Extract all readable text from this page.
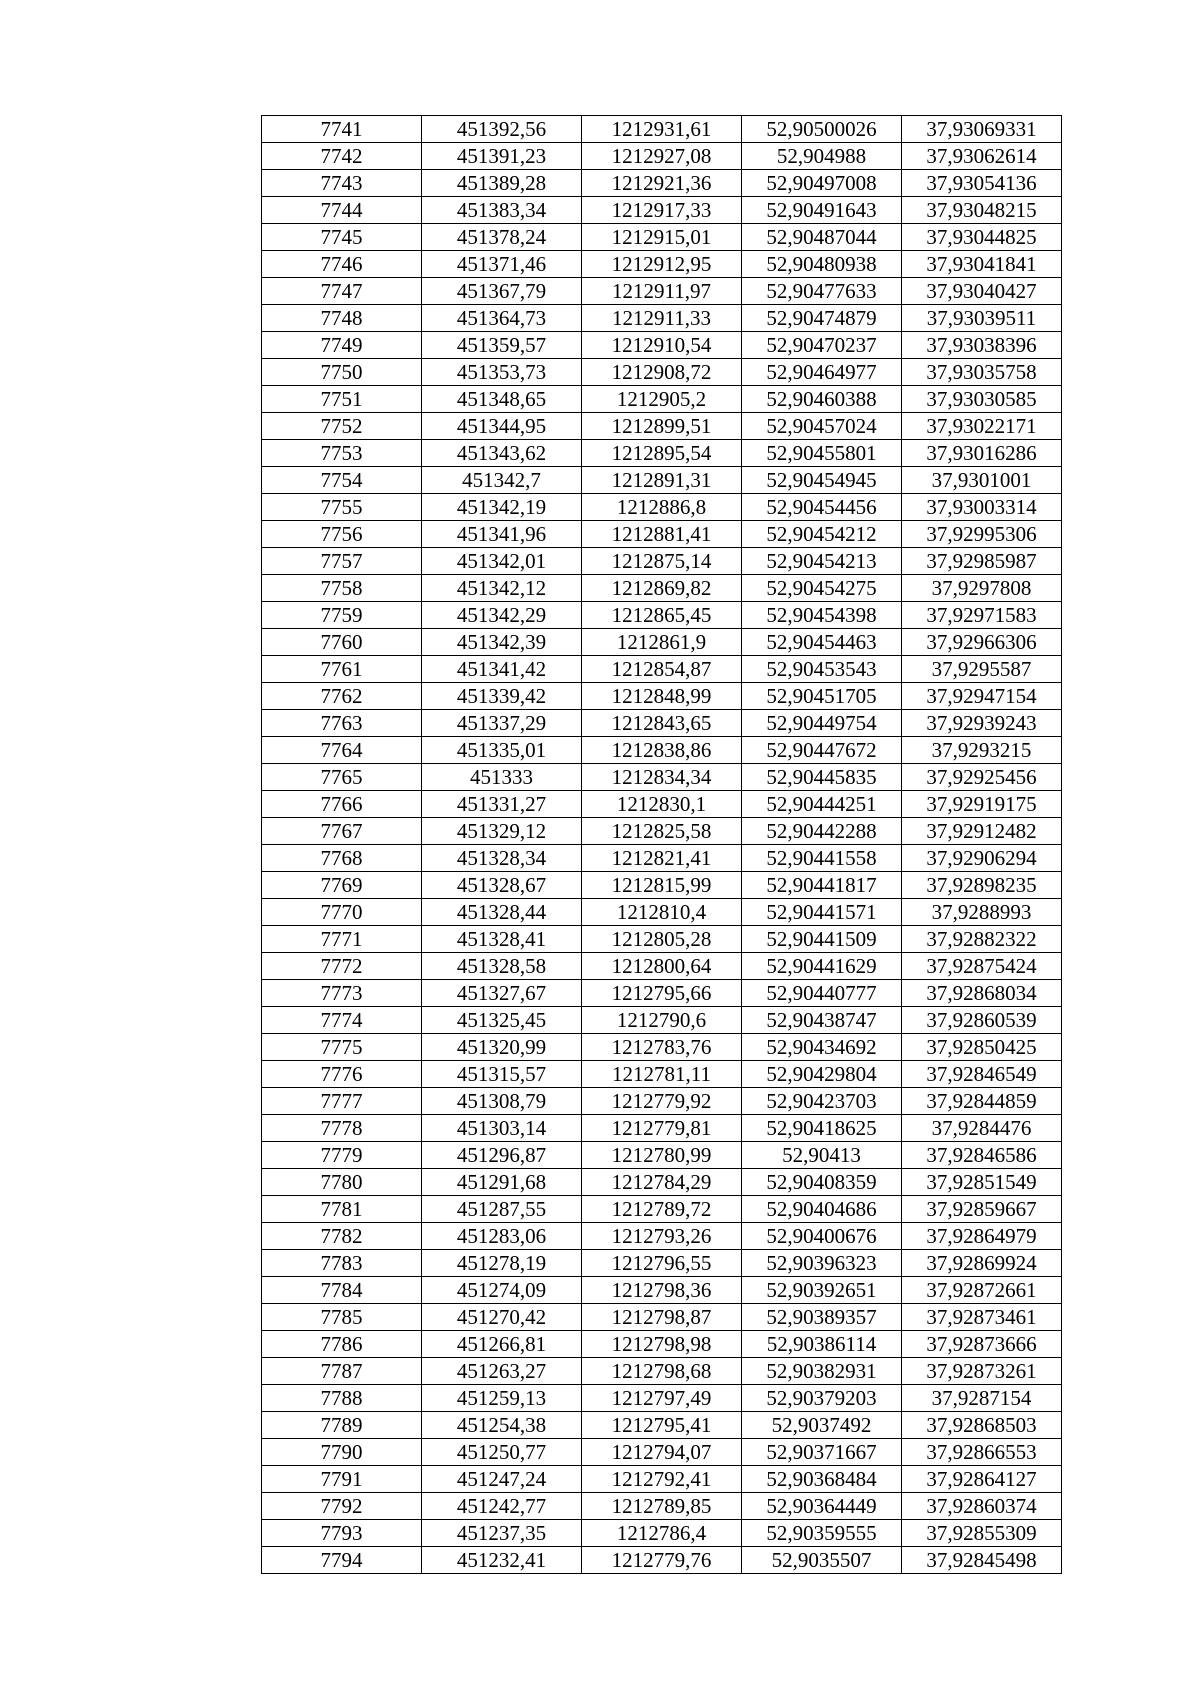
7741	451392,56	1212931,61	52,90500026	37,93069331
7742	451391,23	1212927,08	52,904988	37,93062614
7743	451389,28	1212921,36	52,90497008	37,93054136
7744	451383,34	1212917,33	52,90491643	37,93048215
7745	451378,24	1212915,01	52,90487044	37,93044825
7746	451371,46	1212912,95	52,90480938	37,93041841
7747	451367,79	1212911,97	52,90477633	37,93040427
7748	451364,73	1212911,33	52,90474879	37,93039511
7749	451359,57	1212910,54	52,90470237	37,93038396
7750	451353,73	1212908,72	52,90464977	37,93035758
7751	451348,65	1212905,2	52,90460388	37,93030585
7752	451344,95	1212899,51	52,90457024	37,93022171
7753	451343,62	1212895,54	52,90455801	37,93016286
7754	451342,7	1212891,31	52,90454945	37,9301001
7755	451342,19	1212886,8	52,90454456	37,93003314
7756	451341,96	1212881,41	52,90454212	37,92995306
7757	451342,01	1212875,14	52,90454213	37,92985987
7758	451342,12	1212869,82	52,90454275	37,9297808
7759	451342,29	1212865,45	52,90454398	37,92971583
7760	451342,39	1212861,9	52,90454463	37,92966306
7761	451341,42	1212854,87	52,90453543	37,9295587
7762	451339,42	1212848,99	52,90451705	37,92947154
7763	451337,29	1212843,65	52,90449754	37,92939243
7764	451335,01	1212838,86	52,90447672	37,9293215
7765	451333	1212834,34	52,90445835	37,92925456
7766	451331,27	1212830,1	52,90444251	37,92919175
7767	451329,12	1212825,58	52,90442288	37,92912482
7768	451328,34	1212821,41	52,90441558	37,92906294
7769	451328,67	1212815,99	52,90441817	37,92898235
7770	451328,44	1212810,4	52,90441571	37,9288993
7771	451328,41	1212805,28	52,90441509	37,92882322
7772	451328,58	1212800,64	52,90441629	37,92875424
7773	451327,67	1212795,66	52,90440777	37,92868034
7774	451325,45	1212790,6	52,90438747	37,92860539
7775	451320,99	1212783,76	52,90434692	37,92850425
7776	451315,57	1212781,11	52,90429804	37,92846549
7777	451308,79	1212779,92	52,90423703	37,92844859
7778	451303,14	1212779,81	52,90418625	37,9284476
7779	451296,87	1212780,99	52,90413	37,92846586
7780	451291,68	1212784,29	52,90408359	37,92851549
7781	451287,55	1212789,72	52,90404686	37,92859667
7782	451283,06	1212793,26	52,90400676	37,92864979
7783	451278,19	1212796,55	52,90396323	37,92869924
7784	451274,09	1212798,36	52,90392651	37,92872661
7785	451270,42	1212798,87	52,90389357	37,92873461
7786	451266,81	1212798,98	52,90386114	37,92873666
7787	451263,27	1212798,68	52,90382931	37,92873261
7788	451259,13	1212797,49	52,90379203	37,9287154
7789	451254,38	1212795,41	52,9037492	37,92868503
7790	451250,77	1212794,07	52,90371667	37,92866553
7791	451247,24	1212792,41	52,90368484	37,92864127
7792	451242,77	1212789,85	52,90364449	37,92860374
7793	451237,35	1212786,4	52,90359555	37,92855309
7794	451232,41	1212779,76	52,9035507	37,92845498
